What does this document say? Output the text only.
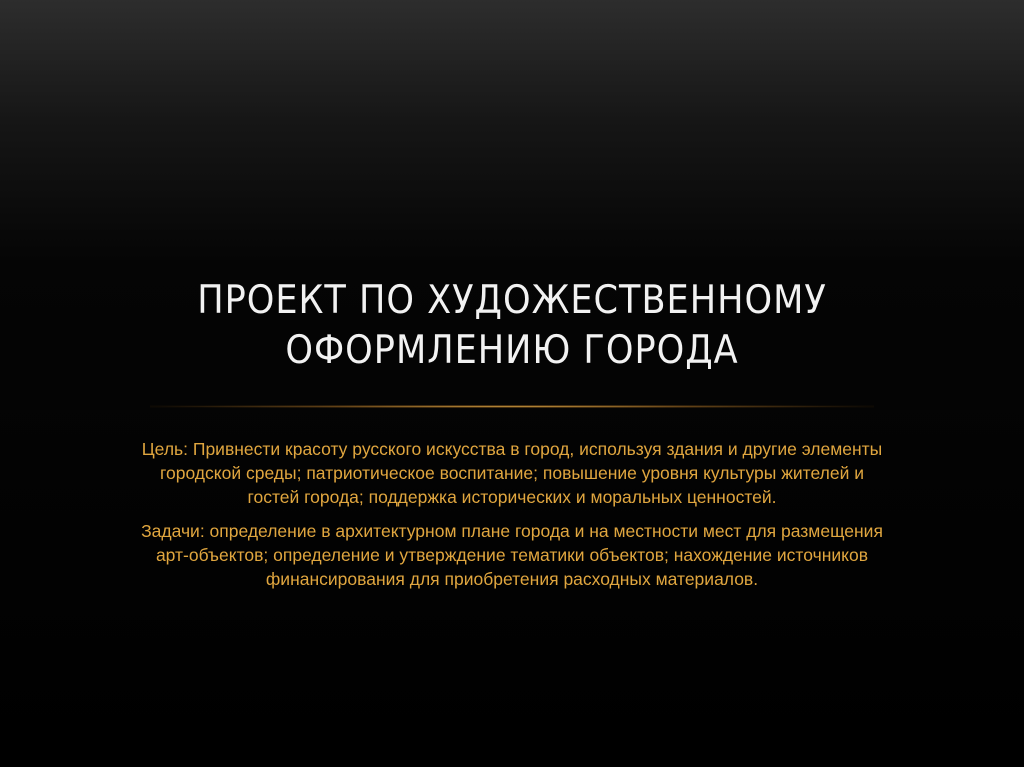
ПРОЕКТ ПО ХУДОЖЕСТВЕННОМУ ОФОРМЛЕНИЮ ГОРОДА

Цель: Привнести красоту русского искусства в город, используя здания и другие элементы городской среды; патриотическое воспитание; повышение уровня культуры жителей и гостей города; поддержка исторических и моральных ценностей.

Задачи: определение в архитектурном плане города и на местности мест для размещения арт-объектов; определение и утверждение тематики объектов; нахождение источников финансирования для приобретения расходных материалов.
